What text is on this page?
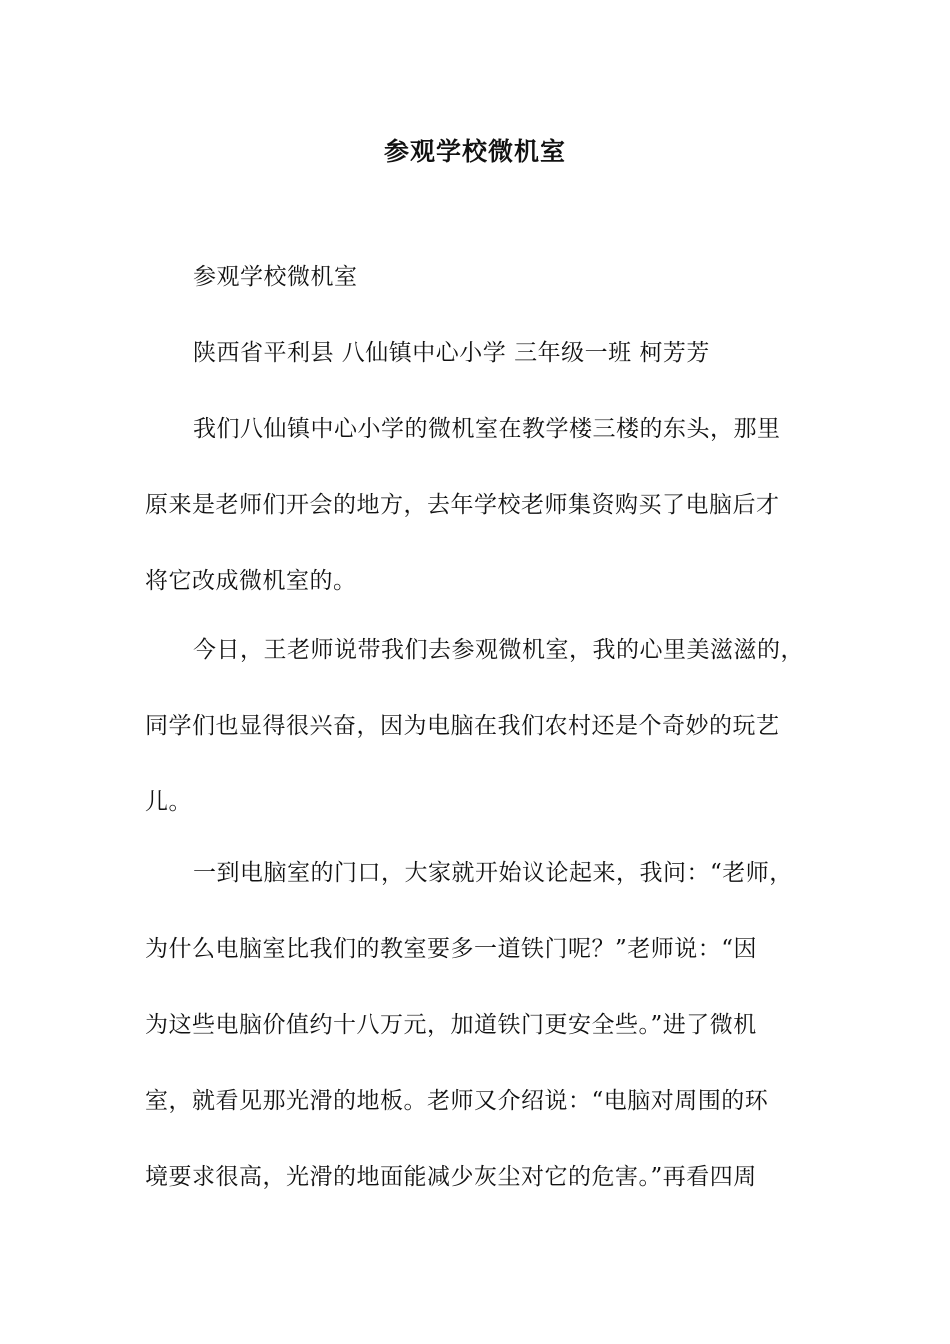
参观学校微机室
参观学校微机室
陕西省平利县 八仙镇中心小学 三年级一班 柯芳芳
我们八仙镇中心小学的微机室在教学楼三楼的东头，那里
原来是老师们开会的地方，去年学校老师集资购买了电脑后才
将它改成微机室的。
今日，王老师说带我们去参观微机室，我的心里美滋滋的，
同学们也显得很兴奋，因为电脑在我们农村还是个奇妙的玩艺
儿。
一到电脑室的门口，大家就开始议论起来，我问：“老师，
为什么电脑室比我们的教室要多一道铁门呢？”老师说：“因
为这些电脑价值约十八万元，加道铁门更安全些。”进了微机
室，就看见那光滑的地板。老师又介绍说：“电脑对周围的环
境要求很高，光滑的地面能减少灰尘对它的危害。”再看四周
